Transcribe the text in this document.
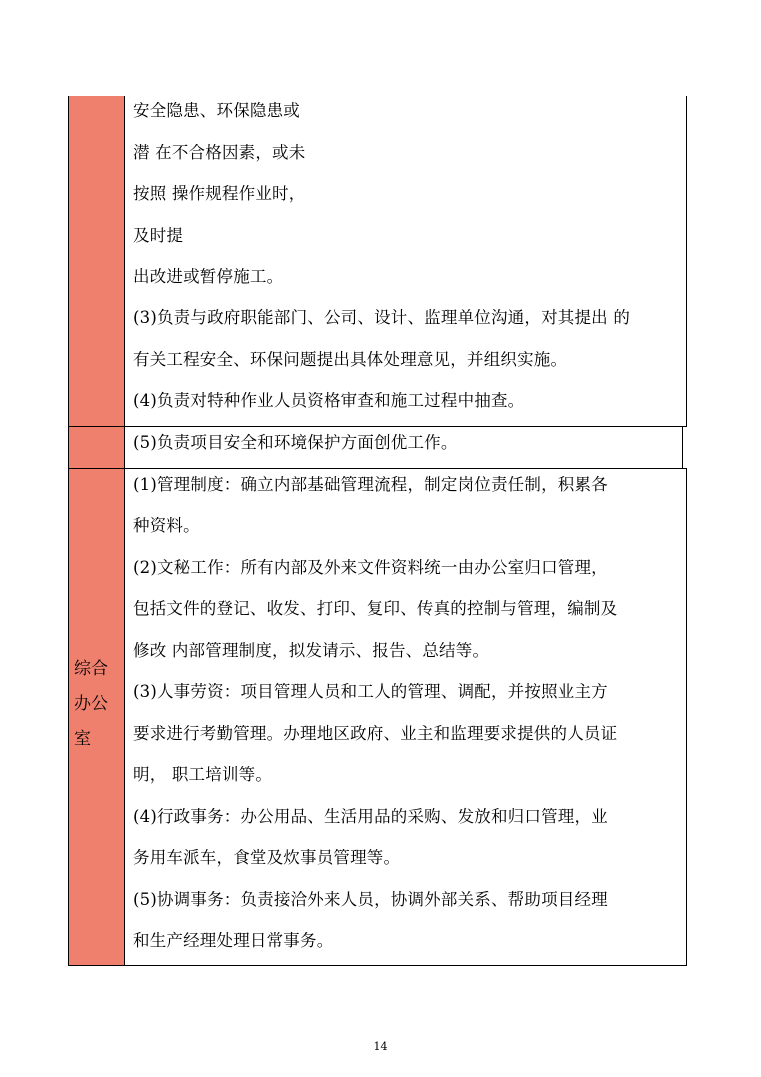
综合
办公
室
安全隐患、环保隐患或
潜 在不合格因素，或未
按照 操作规程作业时，
及时提
出改进或暂停施工。
(3)负责与政府职能部门、公司、设计、监理单位沟通，对其提出 的
有关工程安全、环保问题提出具体处理意见，并组织实施。
(4)负责对特种作业人员资格审查和施工过程中抽查。
(5)负责项目安全和环境保护方面创优工作。
(1)管理制度：确立内部基础管理流程，制定岗位责任制，积累各
种资料。
(2)文秘工作：所有内部及外来文件资料统一由办公室归口管理，
包括文件的登记、收发、打印、复印、传真的控制与管理，编制及
修改 内部管理制度，拟发请示、报告、总结等。
(3)人事劳资：项目管理人员和工人的管理、调配，并按照业主方
要求进行考勤管理。办理地区政府、业主和监理要求提供的人员证
明， 职工培训等。
(4)行政事务：办公用品、生活用品的采购、发放和归口管理，业
务用车派车，食堂及炊事员管理等。
(5)协调事务：负责接洽外来人员，协调外部关系、帮助项目经理
和生产经理处理日常事务。
14
